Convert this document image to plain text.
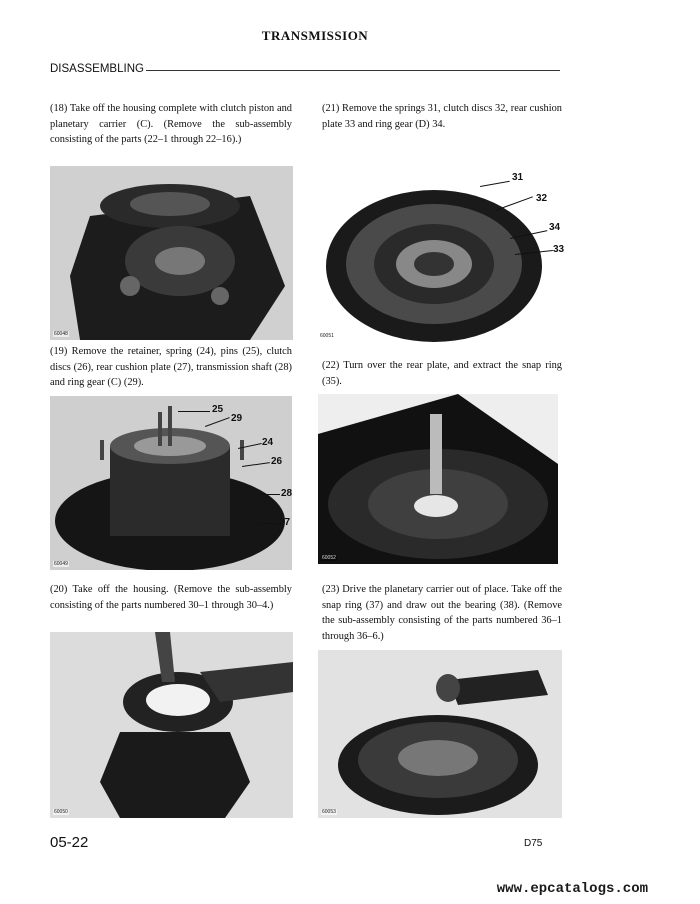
TRANSMISSION
DISASSEMBLING
(18) Take off the housing complete with clutch piston and planetary carrier (C). (Remove the sub-assembly consisting of the parts (22–1 through 22–16).)
(21) Remove the springs 31, clutch discs 32, rear cushion plate 33 and ring gear (D) 34.
(19) Remove the retainer, spring (24), pins (25), clutch discs (26), rear cushion plate (27), transmission shaft (28) and ring gear (C) (29).
(22) Turn over the rear plate, and extract the snap ring (35).
(20) Take off the housing. (Remove the sub-assembly consisting of the parts numbered 30–1 through 30–4.)
(23) Drive the planetary carrier out of place. Take off the snap ring (37) and draw out the bearing (38). (Remove the sub-assembly consisting of the parts numbered 36–1 through 36–6.)
60048	60051
31
32
34
33
60049
25
29
24
26
28
27
60052
60050	60053
05-22	D75
www.epcatalogs.com
